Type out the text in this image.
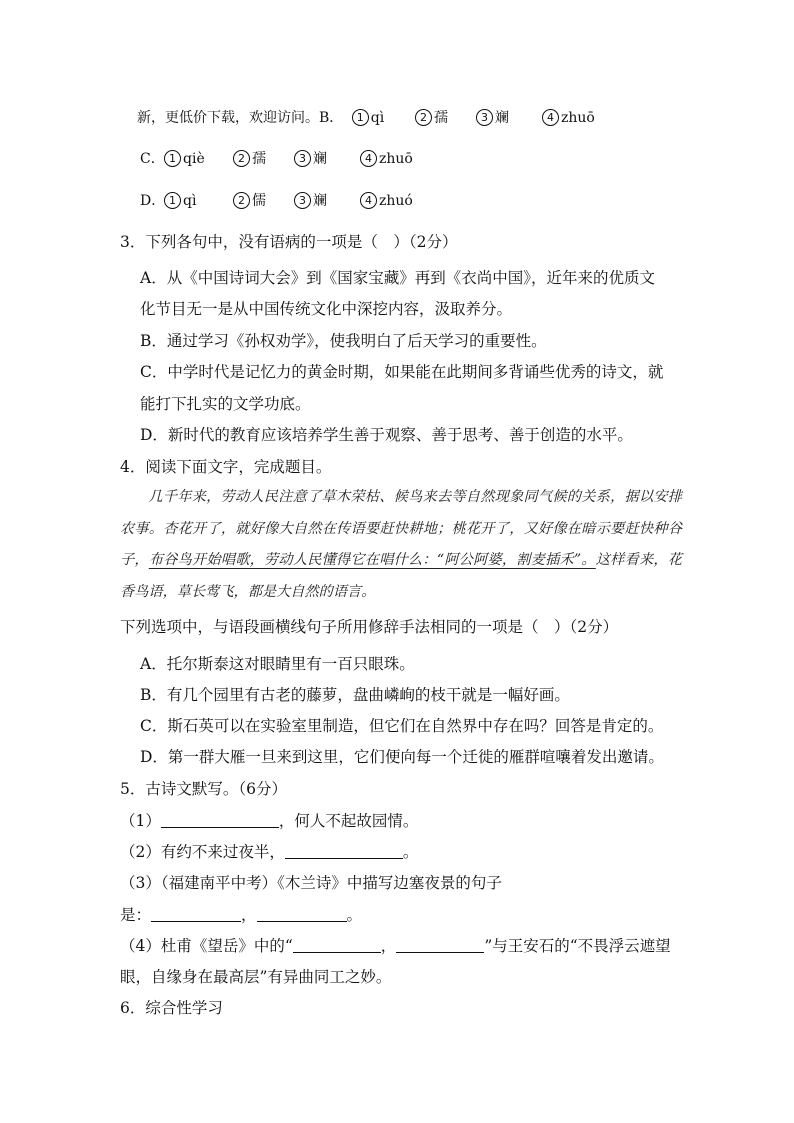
新，更低价下载，欢迎访问。B． 1 qì	2 孺	3 斓	4 zhuō
C． 1 qiè	2 孺	3 斓	4 zhuō
D． 1 qì	2 儒	3 斓	4 zhuó
3．下列各句中，没有语病的一项是（　）（2分）
A．从《中国诗词大会》到《国家宝藏》再到《衣尚中国》，近年来的优质文
化节目无一是从中国传统文化中深挖内容，汲取养分。
B．通过学习《孙权劝学》，使我明白了后天学习的重要性。
C．中学时代是记忆力的黄金时期，如果能在此期间多背诵些优秀的诗文，就
能打下扎实的文学功底。
D．新时代的教育应该培养学生善于观察、善于思考、善于创造的水平。
4．阅读下面文字，完成题目。

几千年来，劳动人民注意了草木荣枯、候鸟来去等自然现象同气候的关系，据以安排农事。杏花开了，就好像大自然在传语要赶快耕地；桃花开了，又好像在暗示要赶快种谷子，布谷鸟开始唱歌，劳动人民懂得它在唱什么：“阿公阿婆，割麦插禾”。这样看来，花香鸟语，草长莺飞，都是大自然的语言。

下列选项中，与语段画横线句子所用修辞手法相同的一项是（　）（2分）
A．托尔斯泰这对眼睛里有一百只眼珠。
B．有几个园里有古老的藤萝，盘曲嶙峋的枝干就是一幅好画。
C．斯石英可以在实验室里制造，但它们在自然界中存在吗？回答是肯定的。
D．第一群大雁一旦来到这里，它们便向每一个迁徙的雁群喧嚷着发出邀请。
5．古诗文默写。（6分）
（1）	，何人不起故园情。
（2）有约不来过夜半，	。
（3）（福建南平中考）《木兰诗》中描写边塞夜景的句子
是：	，	。
（4）杜甫《望岳》中的“	，	”与王安石的“不畏浮云遮望
眼，自缘身在最高层”有异曲同工之妙。
6．综合性学习
